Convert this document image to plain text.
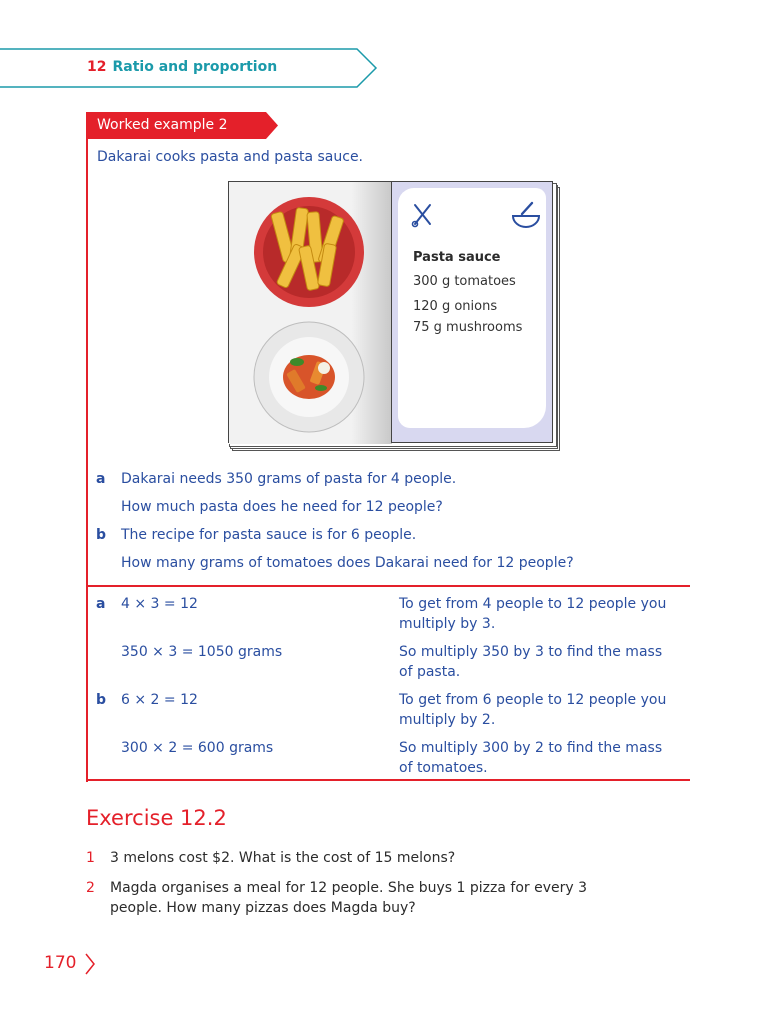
12 Ratio and proportion
Worked example 2
Dakarai cooks pasta and pasta sauce.
Pasta sauce
300 g tomatoes
120 g onions
75 g mushrooms
a Dakarai needs 350 grams of pasta for 4 people.
How much pasta does he need for 12 people?
b The recipe for pasta sauce is for 6 people.
How many grams of tomatoes does Dakarai need for 12 people?
a 4 × 3 = 12	To get from 4 people to 12 people you multiply by 3.
350 × 3 = 1050 grams	So multiply 350 by 3 to find the mass of pasta.
b 6 × 2 = 12	To get from 6 people to 12 people you multiply by 2.
300 × 2 = 600 grams	So multiply 300 by 2 to find the mass of tomatoes.
Exercise 12.2
1 3 melons cost $2. What is the cost of 15 melons?
2 Magda organises a meal for 12 people. She buys 1 pizza for every 3 people. How many pizzas does Magda buy?
170
